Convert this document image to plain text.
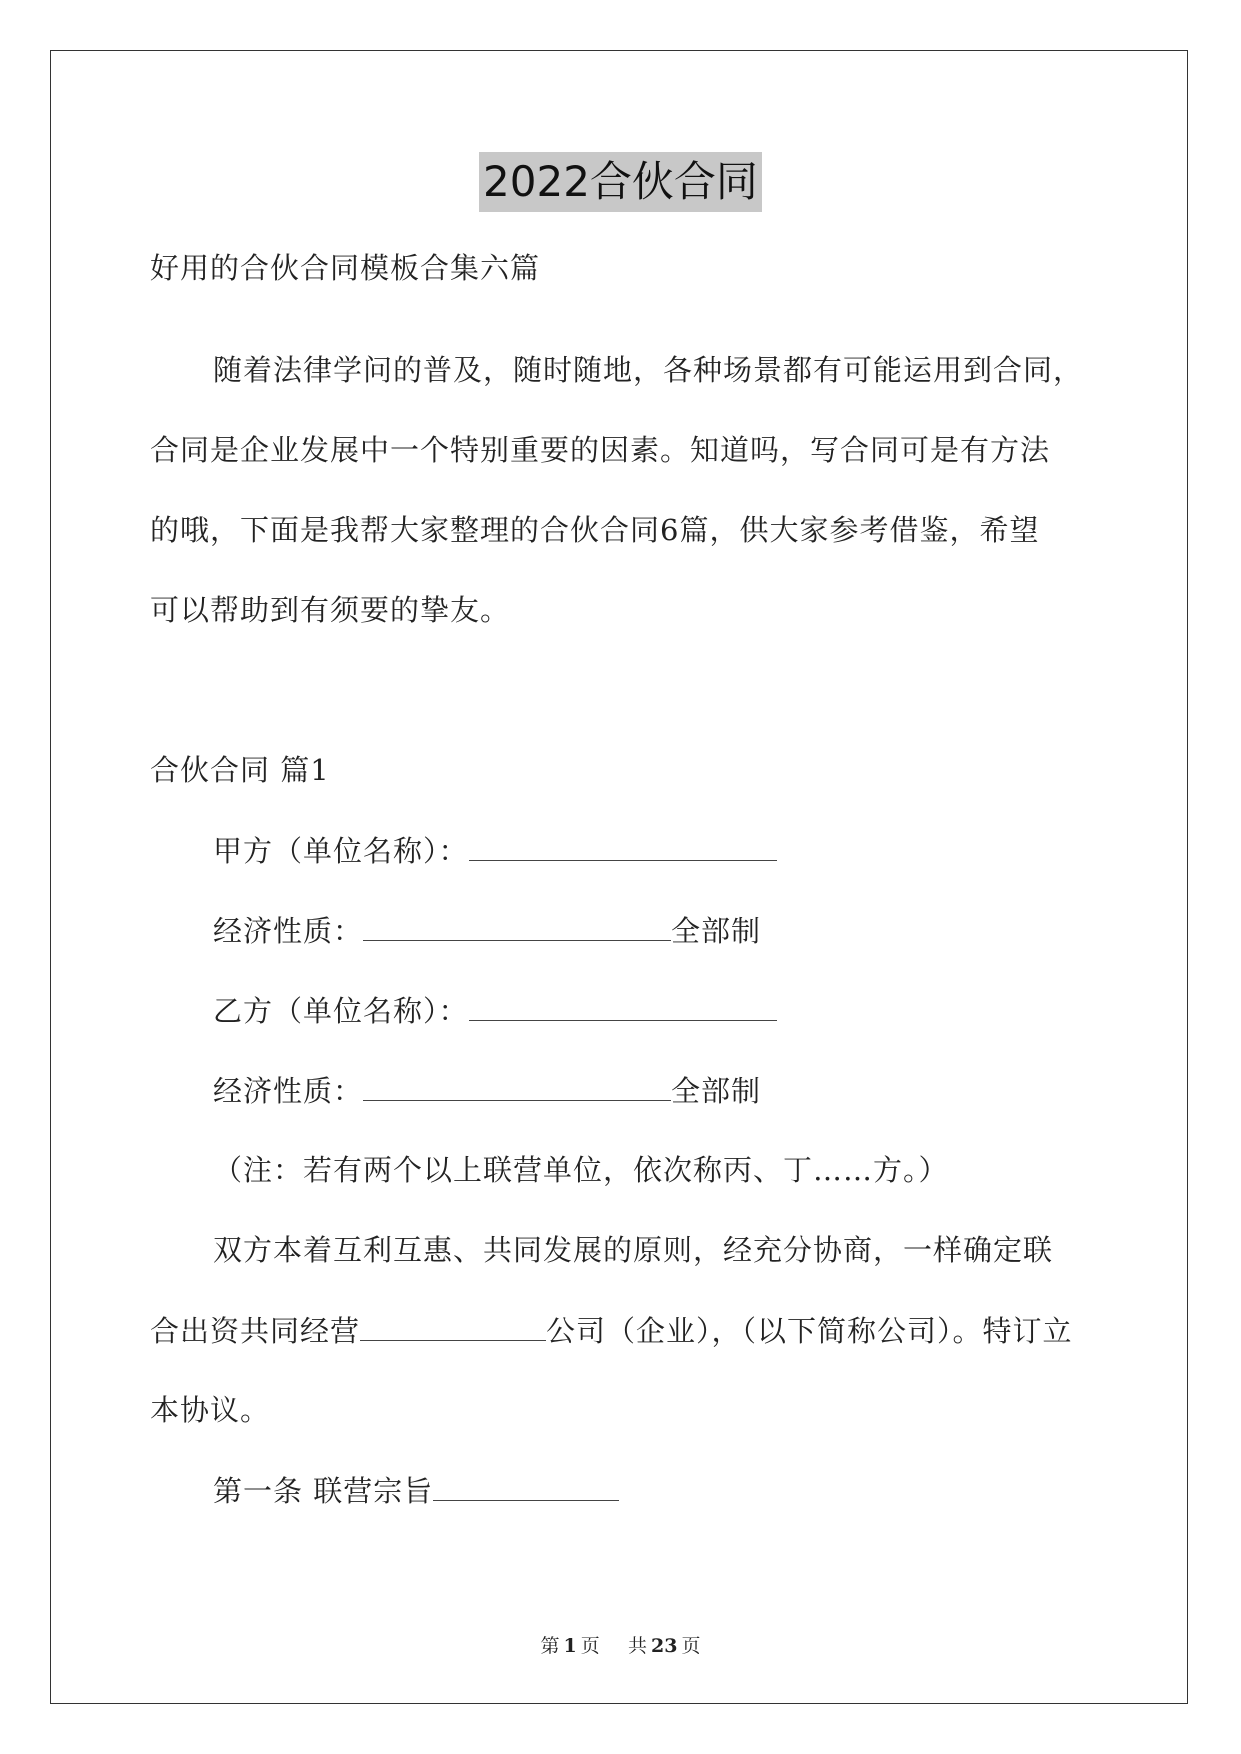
2022合伙合同
好用的合伙合同模板合集六篇
随着法律学问的普及，随时随地，各种场景都有可能运用到合同，
合同是企业发展中一个特别重要的因素。知道吗，写合同可是有方法
的哦，下面是我帮大家整理的合伙合同6篇，供大家参考借鉴，希望
可以帮助到有须要的挚友。
合伙合同 篇1
甲方（单位名称）：
经济性质：	全部制
乙方（单位名称）：
经济性质：	全部制
（注：若有两个以上联营单位，依次称丙、丁……方。）
双方本着互利互惠、共同发展的原则，经充分协商，一样确定联
合出资共同经营	公司（企业），（以下简称公司）。特订立
本协议。
第一条 联营宗旨
第 1 页 共 23 页
